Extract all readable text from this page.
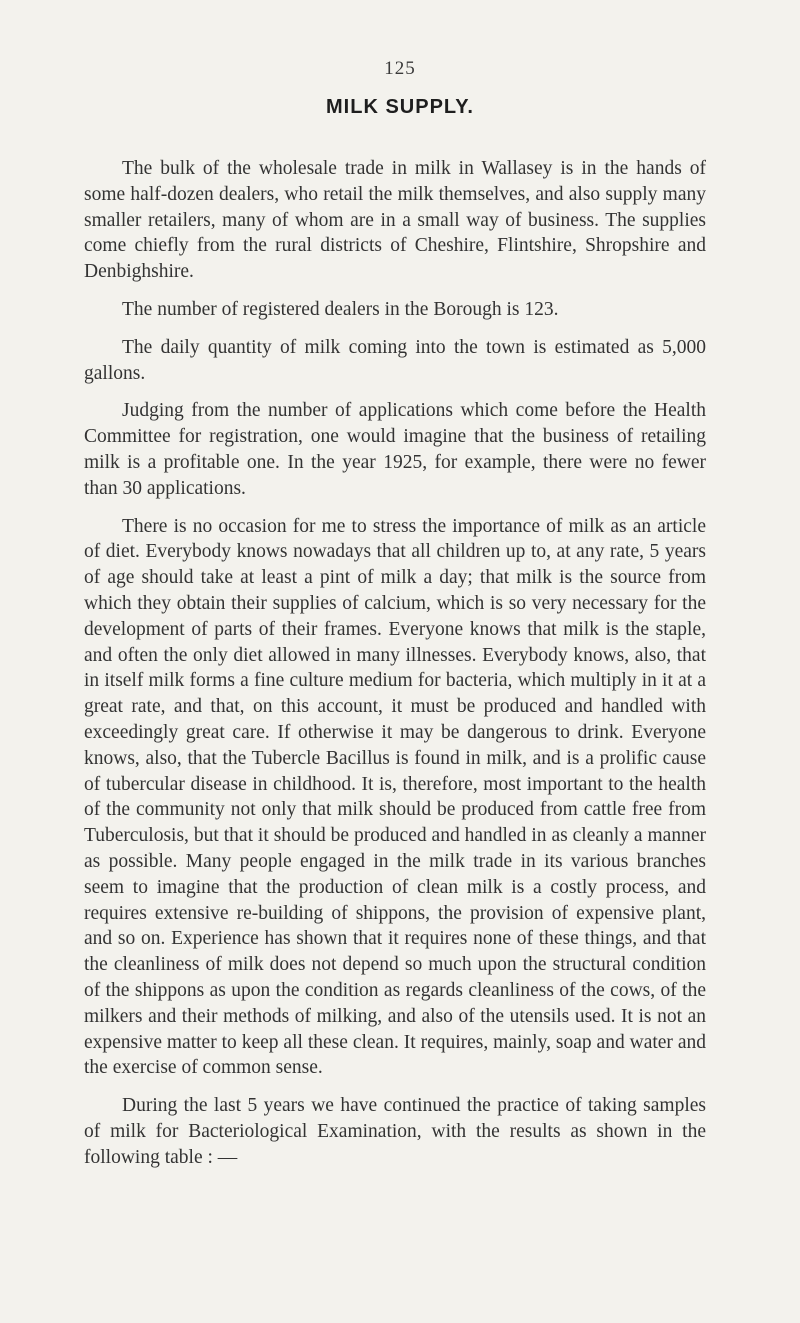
125
MILK SUPPLY.

The bulk of the wholesale trade in milk in Wallasey is in the hands of some half-dozen dealers, who retail the milk themselves, and also supply many smaller retailers, many of whom are in a small way of business. The supplies come chiefly from the rural districts of Cheshire, Flintshire, Shropshire and Denbighshire.

The number of registered dealers in the Borough is 123.

The daily quantity of milk coming into the town is estimated as 5,000 gallons.

Judging from the number of applications which come before the Health Committee for registration, one would imagine that the business of retailing milk is a profitable one. In the year 1925, for example, there were no fewer than 30 applications.

There is no occasion for me to stress the importance of milk as an article of diet. Everybody knows nowadays that all children up to, at any rate, 5 years of age should take at least a pint of milk a day; that milk is the source from which they obtain their supplies of calcium, which is so very necessary for the development of parts of their frames. Everyone knows that milk is the staple, and often the only diet allowed in many illnesses. Everybody knows, also, that in itself milk forms a fine culture medium for bacteria, which multiply in it at a great rate, and that, on this account, it must be produced and handled with exceedingly great care. If otherwise it may be dangerous to drink. Everyone knows, also, that the Tubercle Bacillus is found in milk, and is a prolific cause of tubercular disease in childhood. It is, therefore, most important to the health of the community not only that milk should be produced from cattle free from Tuberculosis, but that it should be produced and handled in as cleanly a manner as possible. Many people engaged in the milk trade in its various branches seem to imagine that the production of clean milk is a costly process, and requires extensive re-building of shippons, the provision of expensive plant, and so on. Experience has shown that it requires none of these things, and that the cleanliness of milk does not depend so much upon the structural condition of the shippons as upon the condition as regards cleanliness of the cows, of the milkers and their methods of milking, and also of the utensils used. It is not an expensive matter to keep all these clean. It requires, mainly, soap and water and the exercise of common sense.

During the last 5 years we have continued the practice of taking samples of milk for Bacteriological Examination, with the results as shown in the following table : —
